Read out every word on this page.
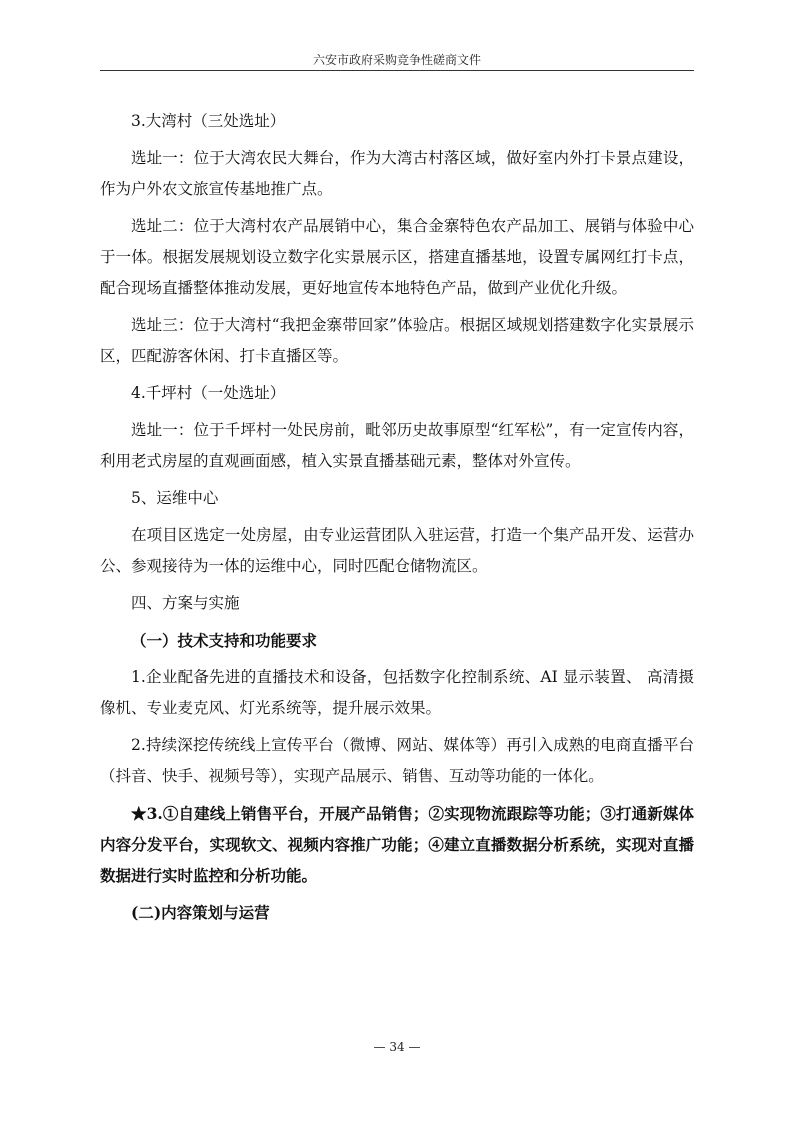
六安市政府采购竞争性磋商文件

3.大湾村（三处选址）

选址一：位于大湾农民大舞台，作为大湾古村落区域，做好室内外打卡景点建设，作为户外农文旅宣传基地推广点。

选址二：位于大湾村农产品展销中心，集合金寨特色农产品加工、展销与体验中心于一体。根据发展规划设立数字化实景展示区，搭建直播基地，设置专属网红打卡点，配合现场直播整体推动发展，更好地宣传本地特色产品，做到产业优化升级。

选址三：位于大湾村“我把金寨带回家”体验店。根据区域规划搭建数字化实景展示区，匹配游客休闲、打卡直播区等。

4.千坪村（一处选址）

选址一：位于千坪村一处民房前，毗邻历史故事原型“红军松”，有一定宣传内容，利用老式房屋的直观画面感，植入实景直播基础元素，整体对外宣传。

5、运维中心

在项目区选定一处房屋，由专业运营团队入驻运营，打造一个集产品开发、运营办公、参观接待为一体的运维中心，同时匹配仓储物流区。

四、方案与实施

（一）技术支持和功能要求

1.企业配备先进的直播技术和设备，包括数字化控制系统、AI 显示装置、 高清摄像机、专业麦克风、灯光系统等，提升展示效果。

2.持续深挖传统线上宣传平台（微博、网站、媒体等）再引入成熟的电商直播平台（抖音、快手、视频号等），实现产品展示、销售、互动等功能的一体化。

★3.①自建线上销售平台，开展产品销售；②实现物流跟踪等功能；③打通新媒体内容分发平台，实现软文、视频内容推广功能；④建立直播数据分析系统，实现对直播数据进行实时监控和分析功能。

(二)内容策划与运营

— 34 —
